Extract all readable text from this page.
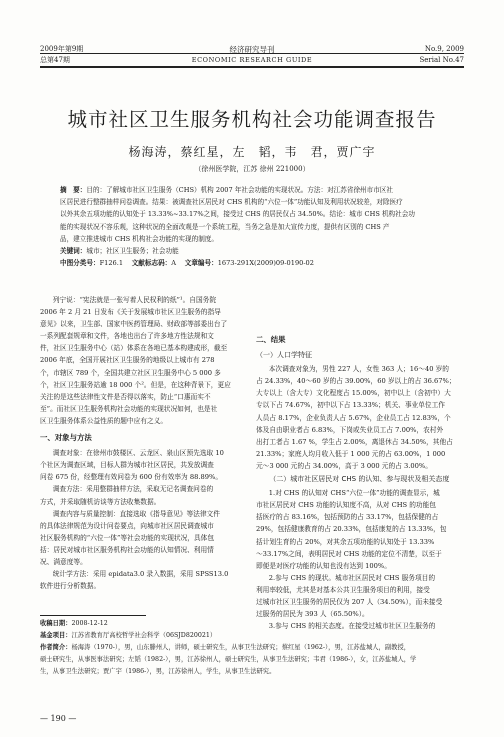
2009年第9期
总第47期
经济研究导刊
ECONOMIC RESEARCH GUIDE
No.9, 2009
Serial No.47
城市社区卫生服务机构社会功能调查报告
杨海涛，蔡红星，左　韬，韦　君，贾广宇
（徐州医学院，江苏 徐州 221000）
摘　要：目的：了解城市社区卫生服务（CHS）机构 2007 年社会功能的实现状况。方法：对江苏省徐州市市区社
区居民进行整群抽样问卷调查。结果：被调查社区居民对 CHS 机构的“六位一体”功能认知及利用状况较差，对除医疗
以外其余五项功能的认知处于 13.33%~33.17%之间，接受过 CHS 的居民仅占 34.50%。结论：城市 CHS 机构社会功
能的实现状况不容乐观，这种状况的全面改观是一个系统工程，当务之急是加大宣传力度，提供有区别的 CHS 产
品，建立推进城市 CHS 机构社会功能的实现的制度。
关键词：城市；社区卫生服务；社会功能
中图分类号：F126.1  文献标志码：A  文章编号：1673-291X(2009)09-0190-02
列宁说：“宪法就是一张写着人民权利的纸”¹。自国务院
2006 年 2 月 21 日发布《关于发展城市社区卫生服务的指导
意见》以来，卫生部、国家中医药管理局、财政部等部委出台了
一系列配套规章和文件，各地也出台了许多地方性法规和文
件，社区卫生服务中心（站）体系在各地已基本构建成形，截至
2006 年底，全国开展社区卫生服务的地级以上城市有 278
个，市辖区 789 个，全国共建立社区卫生服务中心 5 000 多
个，社区卫生服务站逾 18 000 个²。但是，在这种背景下，更应
关注的是这些法律性文件是否得以落实，防止“口惠而实不
至”。而社区卫生服务机构社会功能的实现状况如何，也是社
区卫生服务体系公益性质的题中应有之义。
一、对象与方法
调查对象：在徐州市鼓楼区、云龙区、泉山区预先选取 10
个社区为调查区域，目标人群为城市社区居民，共发放调查
问卷 675 份，经整理有效问卷为 600 份有效率为 88.89%。
调查方法：采用整群抽样方法，采取无记名调查问卷的
方式，并采取随机访谈等方法收集数据。
调查内容与质量控制：直接选取《指导意见》等法律文件
的具体法律规范为设计问卷要点，向城市社区居民调查城市
社区服务机构的“六位一体”等社会功能的实现状况，具体包
括：居民对城市社区服务机构社会功能的认知情况、利用情
况、满意度等。
统计学方法：采用 epidata3.0 录入数据，采用 SPSS13.0
软件进行分析数据。
二、结果
（一）人口学特征
本次调查对象为，男性 227 人，女性 363 人；16～40 岁的
占 24.33%，40～60 岁的占 39.00%，60 岁以上的占 36.67%；
大专以上（含大专）文化程度占 15.00%，初中以上（含初中）大
专以下占 74.67%，初中以下占 13.33%；机关、事业单位工作
人员占 8.17%，企业负责人占 5.67%，企业员工占 12.83%，个
体及自由职业者占 6.83%，下岗或失业员工占 7.00%，农村外
出打工者占 1.67 %，学生占 2.00%，离退休占 34.50%，其他占
21.33%；家庭人均月收入低于 1 000 元的占 63.00%，1 000
元～3 000 元的占 34.00%，高于 3 000 元的占 3.00%。
（二）城市社区居民对 CHS 的认知、参与现状及相关态度
1.对 CHS 的认知对 CHS“六位一体”功能的调查显示，城
市社区居民对 CHS 功能的认知度不高，从对 CHS 的功能包
括医疗的占 83.16%，包括预防的占 33.17%，包括保健的占
29%，包括健康教育的占 20.33%，包括康复的占 13.33%，包
括计划生育的占 20%，对其余五项功能的认知处于 13.33%
～33.17%之间，表明居民对 CHS 功能的定位不清楚，以至于
即便是对医疗功能的认知也没有达到 100%。
2.参与 CHS 的现状。城市社区居民对 CHS 服务项目的
利用率较低，尤其是对基本公共卫生服务项目的利用，接受
过城市社区卫生服务的居民仅为 207 人（34.50%），而未接受
过服务的居民为 393 人（65.50%）。
3.参与 CHS 的相关态度。在接受过城市社区卫生服务的
收稿日期：2008-12-12
基金项目：江苏省教育厅高校哲学社会科学（06SJD820021）
作者简介：杨海涛（1970-），男，山东滕州人，讲师，硕士研究生，从事卫生法研究；蔡红星（1962-），男，江苏盐城人，副教授，
硕士研究生，从事医事法研究；左韬（1982-），男，江苏徐州人，硕士研究生，从事卫生法研究；韦君（1986-），女，江苏盐城人，学
生，从事卫生法研究；贾广宇（1986-），男，江苏徐州人，学生，从事卫生法研究。
— 190 —
